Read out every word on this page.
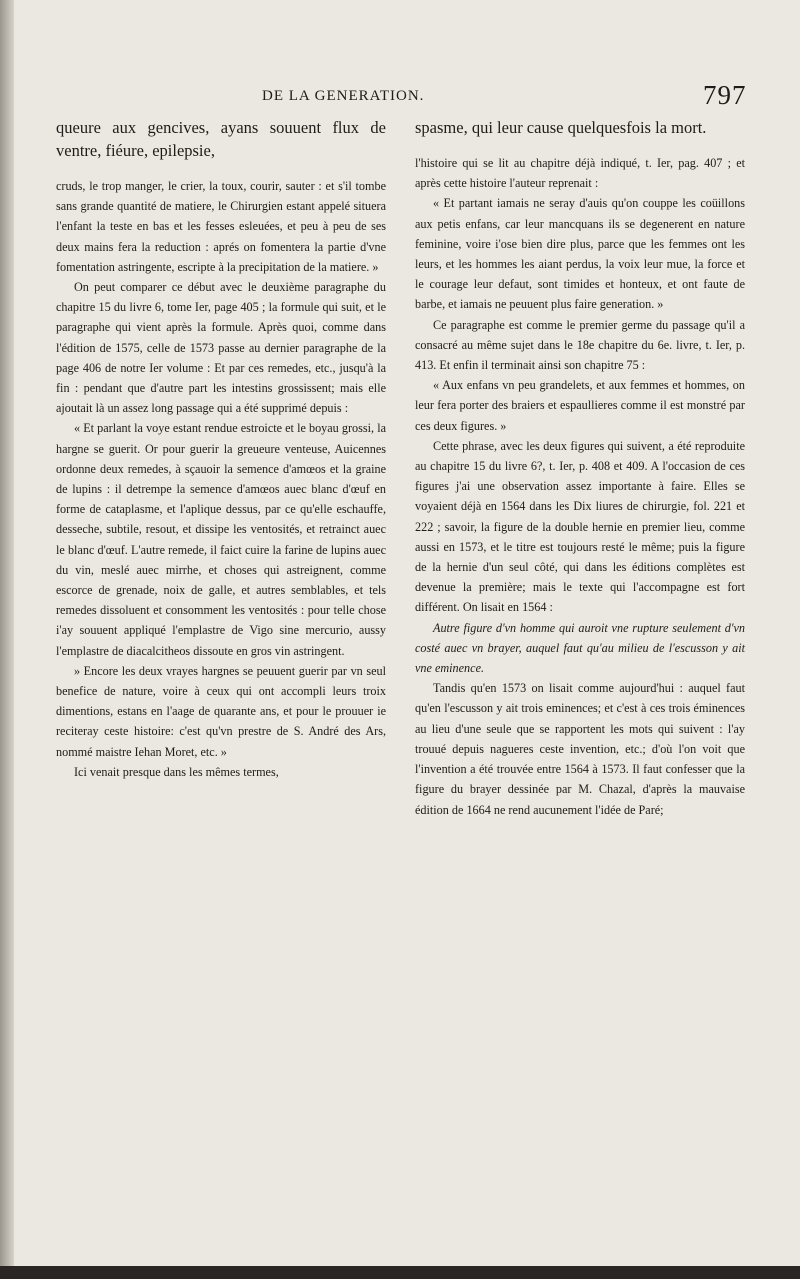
DE LA GENERATION.	797

queure aux gencives, ayans souuent flux de ventre, fiéure, epilepsie,

cruds, le trop manger, le crier, la toux, courir, sauter : et s'il tombe sans grande quantité de matiere, le Chirurgien estant appelé situera l'enfant la teste en bas et les fesses esleuées, et peu à peu de ses deux mains fera la reduction : aprés on fomentera la partie d'vne fomentation astringente, escripte à la precipitation de la matiere. »

On peut comparer ce début avec le deuxième paragraphe du chapitre 15 du livre 6, tome Ier, page 405 ; la formule qui suit, et le paragraphe qui vient après la formule. Après quoi, comme dans l'édition de 1575, celle de 1573 passe au dernier paragraphe de la page 406 de notre Ier volume : Et par ces remedes, etc., jusqu'à la fin : pendant que d'autre part les intestins grossissent; mais elle ajoutait là un assez long passage qui a été supprimé depuis :

« Et parlant la voye estant rendue estroicte et le boyau grossi, la hargne se guerit. Or pour guerir la greueure venteuse, Auicennes ordonne deux remedes, à sçauoir la semence d'amœos et la graine de lupins : il detrempe la semence d'amœos auec blanc d'œuf en forme de cataplasme, et l'aplique dessus, par ce qu'elle eschauffe, desseche, subtile, resout, et dissipe les ventosités, et retrainct auec le blanc d'œuf. L'autre remede, il faict cuire la farine de lupins auec du vin, meslé auec mirrhe, et choses qui astreignent, comme escorce de grenade, noix de galle, et autres semblables, et tels remedes dissoluent et consomment les ventosités : pour telle chose i'ay souuent appliqué l'emplastre de Vigo sine mercurio, aussy l'emplastre de diacalcitheos dissoute en gros vin astringent.

» Encore les deux vrayes hargnes se peuuent guerir par vn seul benefice de nature, voire à ceux qui ont accompli leurs troix dimentions, estans en l'aage de quarante ans, et pour le prouuer ie reciteray ceste histoire: c'est qu'vn prestre de S. André des Ars, nommé maistre Iehan Moret, etc. »

Ici venait presque dans les mêmes termes,

spasme, qui leur cause quelquesfois la mort.

l'histoire qui se lit au chapitre déjà indiqué, t. Ier, pag. 407 ; et après cette histoire l'auteur reprenait :

« Et partant iamais ne seray d'auis qu'on couppe les coüillons aux petis enfans, car leur mancquans ils se degenerent en nature feminine, voire i'ose bien dire plus, parce que les femmes ont les leurs, et les hommes les aiant perdus, la voix leur mue, la force et le courage leur defaut, sont timides et honteux, et ont faute de barbe, et iamais ne peuuent plus faire generation. »

Ce paragraphe est comme le premier germe du passage qu'il a consacré au même sujet dans le 18e chapitre du 6e. livre, t. Ier, p. 413. Et enfin il terminait ainsi son chapitre 75 :

« Aux enfans vn peu grandelets, et aux femmes et hommes, on leur fera porter des braiers et espaullieres comme il est monstré par ces deux figures. »

Cette phrase, avec les deux figures qui suivent, a été reproduite au chapitre 15 du livre 6?, t. Ier, p. 408 et 409. A l'occasion de ces figures j'ai une observation assez importante à faire. Elles se voyaient déjà en 1564 dans les Dix liures de chirurgie, fol. 221 et 222 ; savoir, la figure de la double hernie en premier lieu, comme aussi en 1573, et le titre est toujours resté le même; puis la figure de la hernie d'un seul côté, qui dans les éditions complètes est devenue la première; mais le texte qui l'accompagne est fort différent. On lisait en 1564 :

Autre figure d'vn homme qui auroit vne rupture seulement d'vn costé auec vn brayer, auquel faut qu'au milieu de l'escusson y ait vne eminence.

Tandis qu'en 1573 on lisait comme aujourd'hui : auquel faut qu'en l'escusson y ait trois eminences; et c'est à ces trois éminences au lieu d'une seule que se rapportent les mots qui suivent : l'ay trouué depuis nagueres ceste invention, etc.; d'où l'on voit que l'invention a été trouvée entre 1564 à 1573. Il faut confesser que la figure du brayer dessinée par M. Chazal, d'après la mauvaise édition de 1664 ne rend aucunement l'idée de Paré;
